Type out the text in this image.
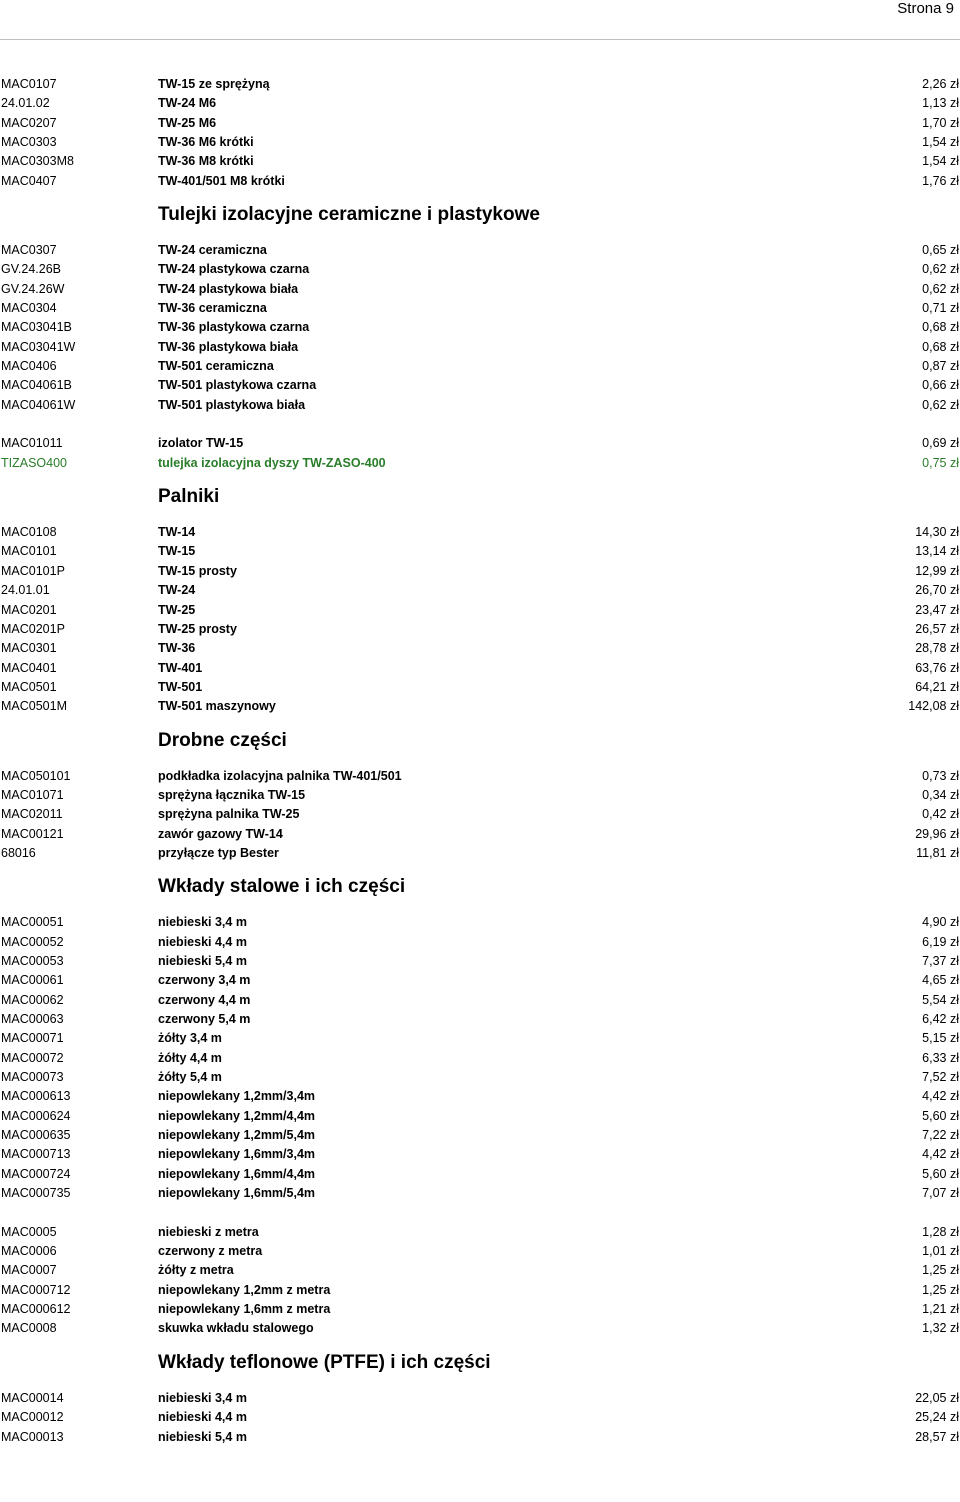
Strona 9
MAC0107	TW-15 ze sprężyną	2,26 zł
24.01.02	TW-24 M6	1,13 zł
MAC0207	TW-25 M6	1,70 zł
MAC0303	TW-36 M6 krótki	1,54 zł
MAC0303M8	TW-36 M8 krótki	1,54 zł
MAC0407	TW-401/501 M8 krótki	1,76 zł
Tulejki izolacyjne ceramiczne i plastykowe
MAC0307	TW-24 ceramiczna	0,65 zł
GV.24.26B	TW-24 plastykowa czarna	0,62 zł
GV.24.26W	TW-24 plastykowa biała	0,62 zł
MAC0304	TW-36 ceramiczna	0,71 zł
MAC03041B	TW-36 plastykowa czarna	0,68 zł
MAC03041W	TW-36 plastykowa biała	0,68 zł
MAC0406	TW-501 ceramiczna	0,87 zł
MAC04061B	TW-501 plastykowa czarna	0,66 zł
MAC04061W	TW-501 plastykowa biała	0,62 zł
MAC01011	izolator TW-15	0,69 zł
TIZASO400	tulejka izolacyjna dyszy TW-ZASO-400	0,75 zł
Palniki
MAC0108	TW-14	14,30 zł
MAC0101	TW-15	13,14 zł
MAC0101P	TW-15 prosty	12,99 zł
24.01.01	TW-24	26,70 zł
MAC0201	TW-25	23,47 zł
MAC0201P	TW-25 prosty	26,57 zł
MAC0301	TW-36	28,78 zł
MAC0401	TW-401	63,76 zł
MAC0501	TW-501	64,21 zł
MAC0501M	TW-501 maszynowy	142,08 zł
Drobne części
MAC050101	podkładka izolacyjna palnika TW-401/501	0,73 zł
MAC01071	sprężyna łącznika TW-15	0,34 zł
MAC02011	sprężyna palnika TW-25	0,42 zł
MAC00121	zawór gazowy TW-14	29,96 zł
68016	przyłącze typ Bester	11,81 zł
Wkłady stalowe i ich części
MAC00051	niebieski 3,4 m	4,90 zł
MAC00052	niebieski 4,4 m	6,19 zł
MAC00053	niebieski 5,4 m	7,37 zł
MAC00061	czerwony 3,4 m	4,65 zł
MAC00062	czerwony 4,4 m	5,54 zł
MAC00063	czerwony 5,4 m	6,42 zł
MAC00071	żółty 3,4 m	5,15 zł
MAC00072	żółty 4,4 m	6,33 zł
MAC00073	żółty 5,4 m	7,52 zł
MAC000613	niepowlekany 1,2mm/3,4m	4,42 zł
MAC000624	niepowlekany 1,2mm/4,4m	5,60 zł
MAC000635	niepowlekany 1,2mm/5,4m	7,22 zł
MAC000713	niepowlekany 1,6mm/3,4m	4,42 zł
MAC000724	niepowlekany 1,6mm/4,4m	5,60 zł
MAC000735	niepowlekany 1,6mm/5,4m	7,07 zł
MAC0005	niebieski z metra	1,28 zł
MAC0006	czerwony z metra	1,01 zł
MAC0007	żółty z metra	1,25 zł
MAC000712	niepowlekany 1,2mm z metra	1,25 zł
MAC000612	niepowlekany 1,6mm z metra	1,21 zł
MAC0008	skuwka wkładu stalowego	1,32 zł
Wkłady teflonowe (PTFE) i ich części
MAC00014	niebieski 3,4 m	22,05 zł
MAC00012	niebieski 4,4 m	25,24 zł
MAC00013	niebieski 5,4 m	28,57 zł
